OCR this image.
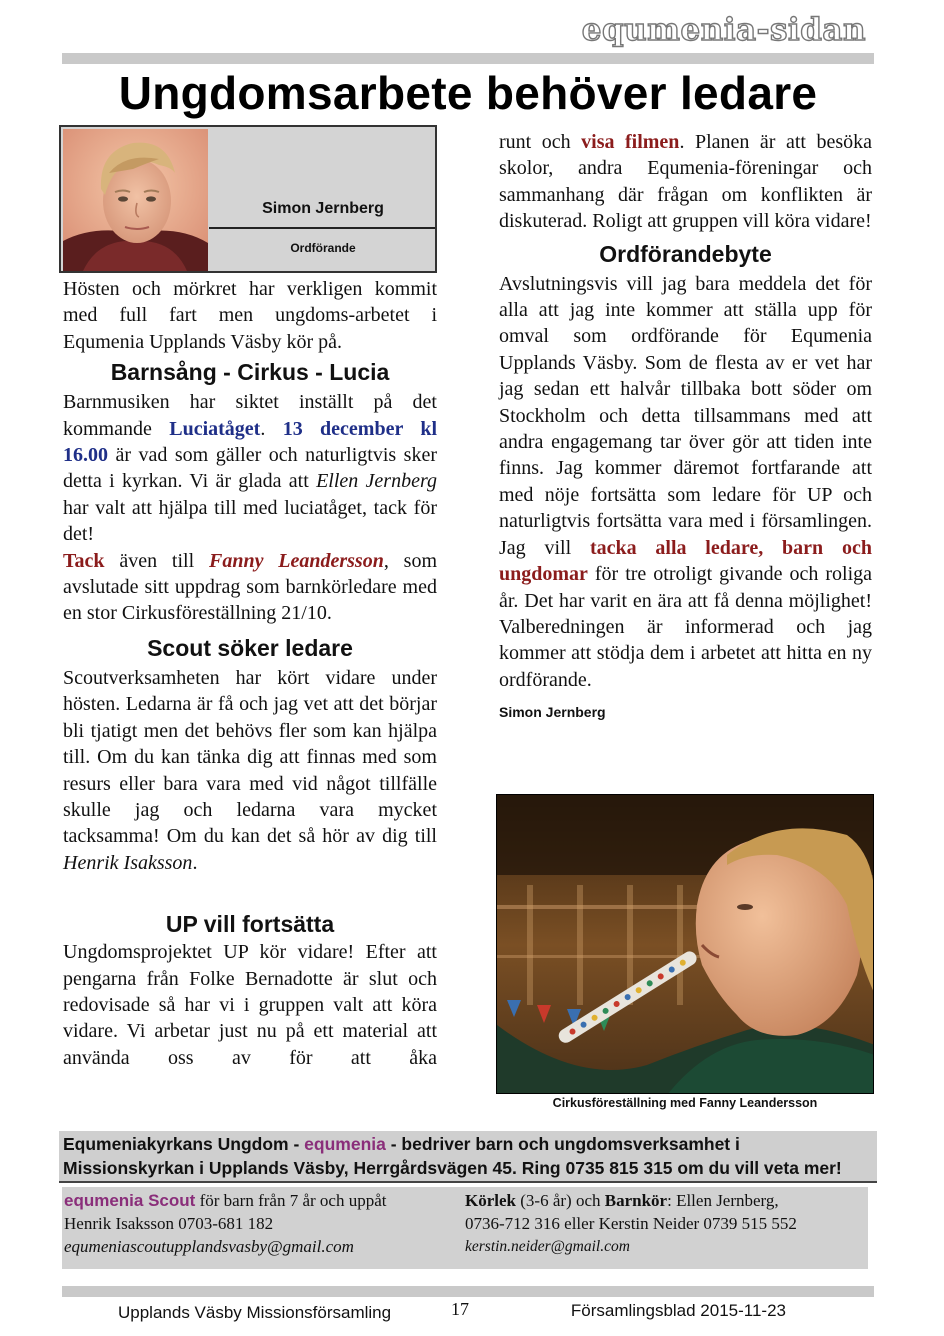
equmenia-sidan
Ungdomsarbete behöver ledare
Simon Jernberg
Ordförande

Hösten och mörkret har verkligen kommit med full fart men ungdoms-arbetet i Equmenia Upplands Väsby kör på.

Barnsång - Cirkus - Lucia

Barnmusiken har siktet inställt på det kommande Luciatåget. 13 december kl 16.00 är vad som gäller och naturligtvis sker detta i kyrkan. Vi är glada att Ellen Jernberg har valt att hjälpa till med luciatåget, tack för det!

Tack även till Fanny Leandersson, som avslutade sitt uppdrag som barnkörledare med en stor Cirkusföreställning 21/10.

Scout söker ledare

Scoutverksamheten har kört vidare under hösten. Ledarna är få och jag vet att det börjar bli tjatigt men det behövs fler som kan hjälpa till. Om du kan tänka dig att finnas med som resurs eller bara vara med vid något tillfälle skulle jag och ledarna vara mycket tacksamma! Om du kan det så hör av dig till Henrik Isaksson.

UP vill fortsätta

Ungdomsprojektet UP kör vidare! Efter att pengarna från Folke Bernadotte är slut och redovisade så har vi i gruppen valt att köra vidare. Vi arbetar just nu på ett material att använda oss av för att åka

runt och visa filmen. Planen är att besöka skolor, andra Equmenia-föreningar och sammanhang där frågan om konflikten är diskuterad. Roligt att gruppen vill köra vidare!

Ordförandebyte

Avslutningsvis vill jag bara meddela det för alla att jag inte kommer att ställa upp för omval som ordförande för Equmenia Upplands Väsby. Som de flesta av er vet har jag sedan ett halvår tillbaka bott söder om Stockholm och detta tillsammans med att andra engagemang tar över gör att tiden inte finns. Jag kommer däremot fortfarande att med nöje fortsätta som ledare för UP och naturligtvis fortsätta vara med i församlingen. Jag vill tacka alla ledare, barn och ungdomar för tre otroligt givande och roliga år. Det har varit en ära att få denna möjlighet! Valberedningen är informerad och jag kommer att stödja dem i arbetet att hitta en ny ordförande.

Simon Jernberg
Cirkusföreställning med Fanny Leandersson
Equmeniakyrkans Ungdom - equmenia - bedriver barn och ungdomsverksamhet i Missionskyrkan i Upplands Väsby, Herrgårdsvägen 45. Ring 0735 815 315 om du vill veta mer!
equmenia Scout för barn från 7 år och uppåt
Henrik Isaksson 0703-681 182
equmeniascoutupplandsvasby@gmail.com
Körlek (3-6 år) och Barnkör: Ellen Jernberg,
0736-712 316 eller Kerstin Neider 0739 515 552
kerstin.neider@gmail.com
Upplands Väsby Missionsförsamling	17	Församlingsblad 2015-11-23
